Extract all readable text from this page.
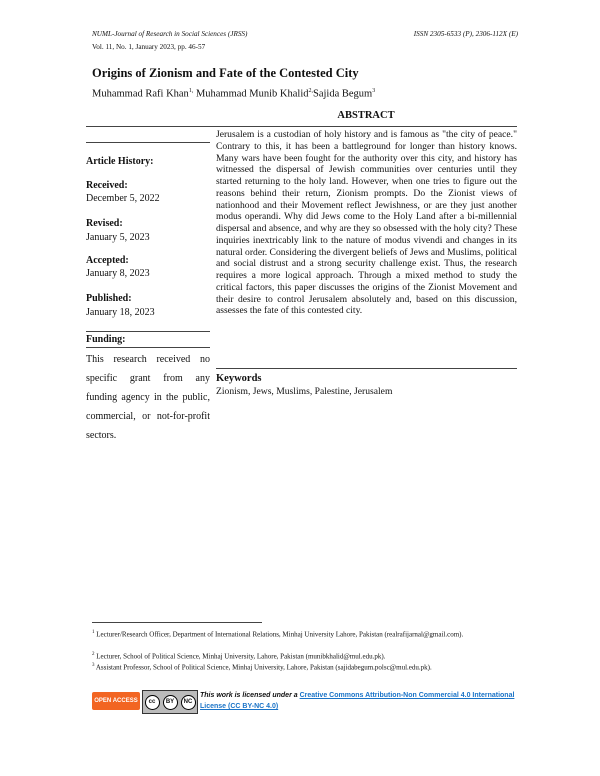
NUML-Journal of Research in Social Sciences (JRSS)	ISSN 2305-6533 (P), 2306-112X (E)
Vol. 11, No. 1, January 2023, pp. 46-57
Origins of Zionism and Fate of the Contested City
Muhammad Rafi Khan$^{1,}$ Muhammad Munib Khalid$^{2,}$Sajida Begum$^3$
ABSTRACT
Article History:
Received:
December 5, 2022
Revised:
January 5, 2023
Accepted:
January 8, 2023
Published:
January 18, 2023
Funding:
This research received no specific grant from any funding agency in the public, commercial, or not-for-profit sectors.
Jerusalem is a custodian of holy history and is famous as "the city of peace." Contrary to this, it has been a battleground for longer than history knows. Many wars have been fought for the authority over this city, and history has witnessed the dispersal of Jewish communities over centuries until they started returning to the holy land. However, when one tries to figure out the reasons behind their return, Zionism prompts. Do the Zionist views of nationhood and their Movement reflect Jewishness, or are they just another modus operandi. Why did Jews come to the Holy Land after a bi-millennial dispersal and absence, and why are they so obsessed with the holy city? These inquiries inextricably link to the nature of modus vivendi and changes in its natural order. Considering the divergent beliefs of Jews and Muslims, political and social distrust and a strong security challenge exist. Thus, the research requires a more logical approach. Through a mixed method to study the critical factors, this paper discusses the origins of the Zionist Movement and their desire to control Jerusalem absolutely and, based on this discussion, assesses the fate of this contested city.
Keywords
Zionism, Jews, Muslims, Palestine, Jerusalem
$^1$ Lecturer/Research Officer, Department of International Relations, Minhaj University Lahore, Pakistan (realrafijarnal@gmail.com).
$^2$ Lecturer, School of Political Science, Minhaj University, Lahore, Pakistan (munibkhalid@mul.edu.pk).
$^3$ Assistant Professor, School of Political Science, Minhaj University, Lahore, Pakistan (sajidabegum.polsc@mul.edu.pk).
OPEN ACCESS	cc	BY	NC
This work is licensed under a Creative Commons Attribution-Non Commercial 4.0 International License (CC BY-NC 4.0)
